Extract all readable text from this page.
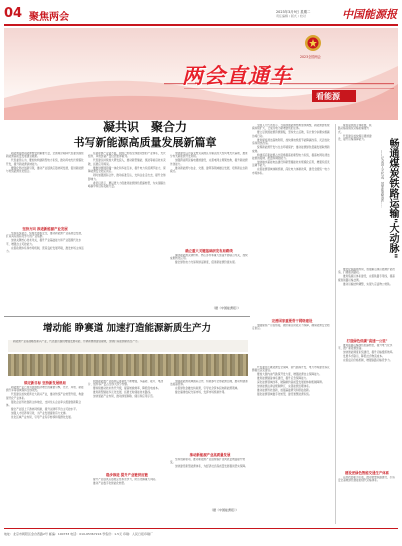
04 聚焦两会	2023年3月9日 星期二
责任编辑 / 版式 / 校对	中国能源报
2023全国两会
两会直通车
看能源
凝共识　聚合力
书写新能源高质量发展新篇章

新能源是推动能源转型的重要力量，全国两会期间代表委员围绕新能源高质量发展建言献策。

代表委员认为，要加快构建新型电力系统，推动风电光伏规模化开发，提升新能源消纳能力。

要强化科技创新引领，推动产业链供应链协同发展，促进新能源与传统能源优化组合。

坚持方向 推进新能源产业发展

坚持系统观念，统筹发展和安全，推动新能源产业高质量发展，打造具有国际竞争力的产业集群。

加快关键核心技术攻关，提升产业基础能力和产业链现代化水平，增强自主可控能力。

完善政策体系和市场机制，营造良好发展环境，激发市场主体活力。

在新能源产业链方面，我国已形成全球最完整的产业体系，光伏组件、风电装备产量位居世界前列。

代表建议持续加大研发投入，推动新型储能、氢能等前沿技术突破，拓展应用场景。

要推进源网荷储一体化和多能互补，提升电力系统调节能力，保障能源安全稳定供应。

同时加强国际合作，推动标准互认，支持企业走出去，提升全球影响力。

委员们表示，要以更大力度推进能源绿色低碳转型，为实现碳达峰碳中和目标贡献力量。

确立重大关键基础研发布局路线

加快建设以沙漠戈壁荒漠地区为重点的大型风电光伏基地，推进分布式新能源开发利用。

加强跨省跨区输电通道建设，完善电网主网架结构，提升新能源外送能力。

推动新能源与农业、交通、建筑等领域融合发展，培育新业态新模式。

围绕新能源关键材料、核心部件和重大装备开展联合攻关，加快成果转化应用。

健全绿色电力交易和绿证制度，促进新能源价值实现。

（据《中国能源报》）

全国人大代表表示，当前我国能源结构加快调整，新能源装机规模持续扩大，已成为电力新增装机的主体。

要立足我国能源资源禀赋，坚持先立后破，有计划分步骤实施碳达峰行动。

推进煤炭清洁高效利用，加快煤电机组节能降碳改造、灵活性改造和供热改造。

统筹新能源开发与生态环境保护，推动能源绿色低碳发展取得新成效。

构建适应新能源占比逐渐提高的新型电力系统，提高电网对清洁能源的接纳、配置和调控能力。

加快抽水蓄能电站建设和新型储能技术规模化应用，增强系统灵活调节能力。

完善能源领域体制机制，深化电力体制改革，建设全国统一电力市场体系。	畅通煤炭铁路运输"大动脉"
——记全国人大代表、国家能源集团……

煤炭是我国主体能源，铁路运输是煤炭运输的重要方式。

代表建议加快煤运通道建设，提升运输保障能力。

完善国家重要骨干网络建设

要优化铁路网布局，加强重点煤运通道扩能改造，打通瓶颈路段。

推进集疏运体系建设，完善铁路专用线，提高煤炭铁路运输比例。

推动运输结构调整，实现大宗货物公转铁。

加强煤炭产运需衔接，做好重点时段运力保障，确保能源安全稳定供应。

打造绿色低碳"高速一公里"

推进铁路运输绿色低碳转型，提升电气化水平，推广新能源装备。

加快智能调度系统建设，提升运输组织效率。

发展多式联运，降低社会物流成本。

完善货运价格机制，增强铁路运输竞争力。

建设更绿色智能交通生产体系

以科技创新为引领，推动智慧铁路建设，打造安全高效绿色智能的现代运输体系。

增动能 睁赛道 加速打造能源新质生产力

新能源产业是战略性新兴产业，代表委员围绕增强发展动能、开辟新赛道建言献策，加快打造能源新质生产力。

锚定新目标 坚持新发展格局

新能源产业已成为我国经济增长的重要引擎，光伏、风电、新能源汽车等领域保持全球领先。

代表建议加快培育壮大新兴产业，推动传统产业转型升级，构建现代化产业体系。

强化企业科技创新主体地位，支持龙头企业牵头组建创新联合体。

健全产业链上下游协同机制，提升关键环节自主可控水平。

加强人才培养和引进，为产业发展提供有力支撑。

优化区域产业布局，引导产业有序转移和集群化发展。

我国新能源产业链供应链韧性不断增强，多晶硅、硅片、电池片、组件等产量占全球大部分份额。

要持续推动技术迭代升级，提高转换效率，降低度电成本。

推进新型储能多元化发展，拓展长时储能技术路线。

加快氢能产业布局，推动绿氢制取、储运和应用示范。

稳步推进 提升产业链供应链

提升产业链供应链稳定性和竞争力，防范化解重大风险。

推动产业数字化智能化转型。

加强新能源领域国际合作，积极参与全球能源治理，推动构建清洁美丽世界。

完善绿色金融支持政策，引导社会资本投向新能源领域。

健全碳排放权交易市场，发挥市场机制作用。

推动新能源产业高质量发展

坚持创新驱动，推动新能源产业由规模扩张向质量效益提升转变。

加快建设新型能源体系，为经济社会高质量发展提供坚实保障。

（据《中国能源报》）

代表委员还就能源安全保障、油气勘探开发、电力市场建设等议题提出意见建议。

要加大国内油气勘探开发力度，增强能源自主保障能力。

推进能源储备体系建设，提升应急保障能力。

深化能源领域改革，破除制约高质量发展的体制机制障碍。

加快能源法律法规制修订，完善能源治理体系。

推动能源科技创新，加强基础研究和原始创新。

强化能源领域数字化转型，建设智慧能源系统。

地址：北京市朝阳区金台西路2号 邮编：100733 电话：010-65367216 零售价：1.5元 印刷：人民日报印刷厂
